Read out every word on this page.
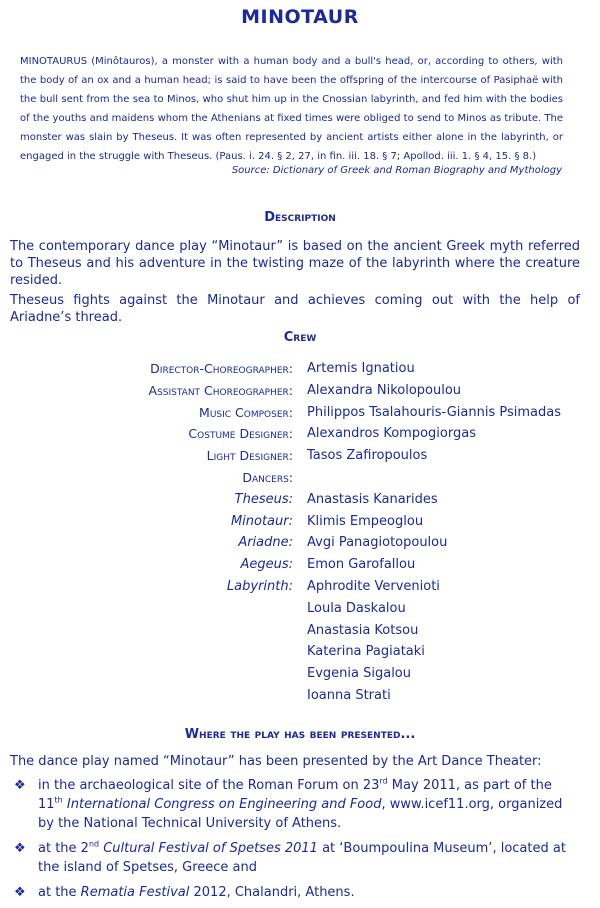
MINOTAUR
MINOTAURUS (Minôtauros), a monster with a human body and a bull's head, or, according to others, with the body of an ox and a human head; is said to have been the offspring of the intercourse of Pasiphaë with the bull sent from the sea to Minos, who shut him up in the Cnossian labyrinth, and fed him with the bodies of the youths and maidens whom the Athenians at fixed times were obliged to send to Minos as tribute. The monster was slain by Theseus. It was often represented by ancient artists either alone in the labyrinth, or engaged in the struggle with Theseus. (Paus. i. 24. § 2, 27, in fin. iii. 18. § 7; Apollod. iii. 1. § 4, 15. § 8.)
Source: Dictionary of Greek and Roman Biography and Mythology
Description
The contemporary dance play “Minotaur” is based on the ancient Greek myth referred to Theseus and his adventure in the twisting maze of the labyrinth where the creature resided.
Theseus fights against the Minotaur and achieves coming out with the help of Ariadne’s thread.
Crew
Director-Choreographer: Artemis Ignatiou
Assistant Choreographer: Alexandra Nikolopoulou
Music Composer: Philippos Tsalahouris-Giannis Psimadas
Costume Designer: Alexandros Kompogiorgas
Light Designer: Tasos Zafiropoulos
Dancers:
Theseus: Anastasis Kanarides
Minotaur: Klimis Empeoglou
Ariadne: Avgi Panagiotopoulou
Aegeus: Emon Garofallou
Labyrinth: Aphrodite Vervenioti
Loula Daskalou
Anastasia Kotsou
Katerina Pagiataki
Evgenia Sigalou
Ioanna Strati
Where the play has been presented...
The dance play named “Minotaur” has been presented by the Art Dance Theater:
❖ in the archaeological site of the Roman Forum on 23rd May 2011, as part of the 11th International Congress on Engineering and Food, www.icef11.org, organized by the National Technical University of Athens.
❖ at the 2nd Cultural Festival of Spetses 2011 at ‘Boumpoulina Museum’, located at the island of Spetses, Greece and
❖ at the Rematia Festival 2012, Chalandri, Athens.
